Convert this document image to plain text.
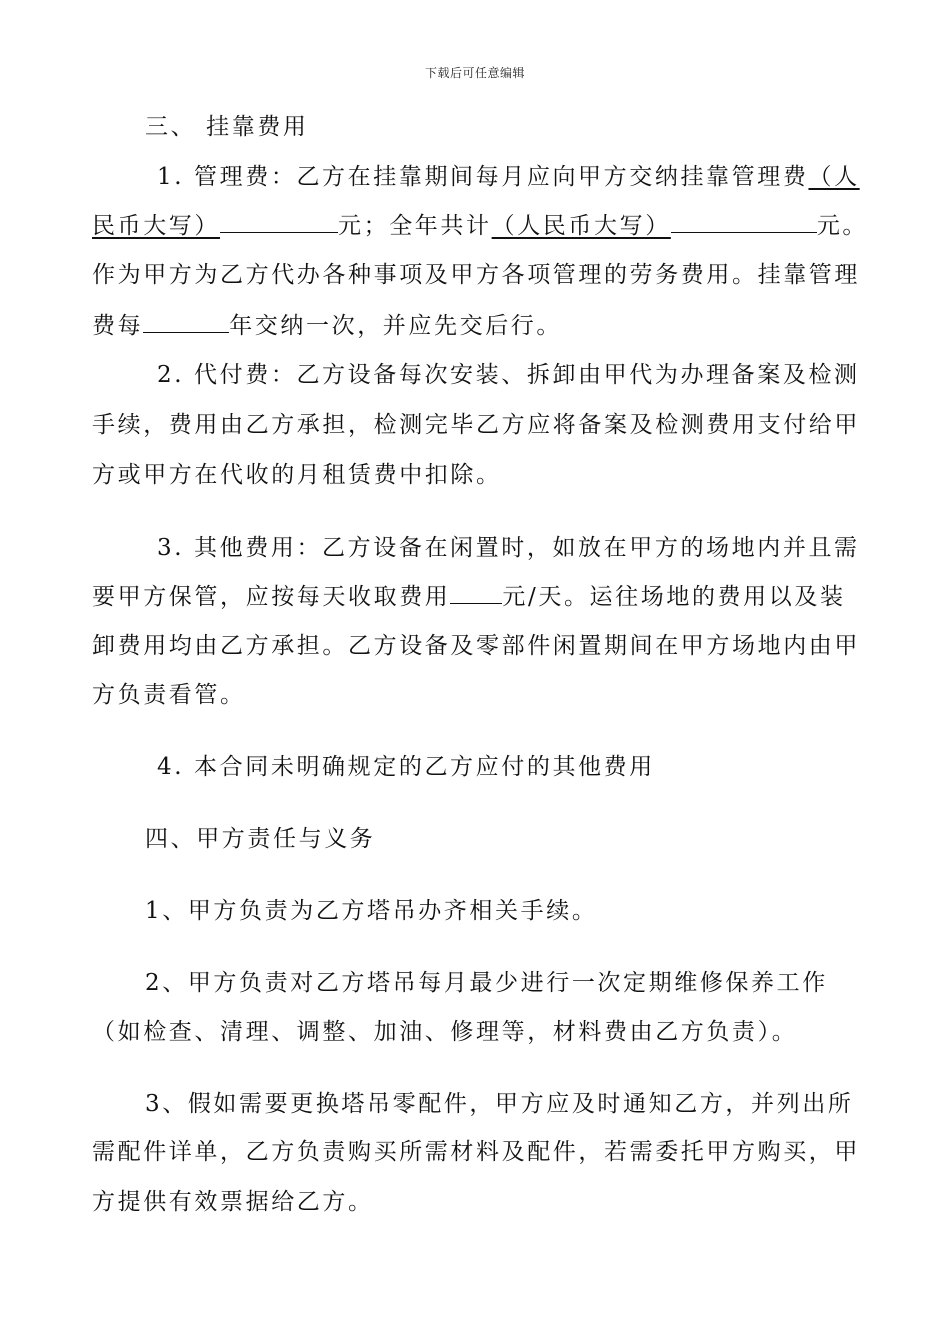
下载后可任意编辑
三、 挂靠费用
1. 管理费：乙方在挂靠期间每月应向甲方交纳挂靠管理费（人
民币大写）	元；全年共计（人民币大写）	元。
作为甲方为乙方代办各种事项及甲方各项管理的劳务费用。挂靠管理
费每	年交纳一次，并应先交后行。
2. 代付费：乙方设备每次安装、拆卸由甲代为办理备案及检测
手续，费用由乙方承担，检测完毕乙方应将备案及检测费用支付给甲
方或甲方在代收的月租赁费中扣除。
3. 其他费用：乙方设备在闲置时，如放在甲方的场地内并且需
要甲方保管，应按每天收取费用 元/天。运往场地的费用以及装
卸费用均由乙方承担。乙方设备及零部件闲置期间在甲方场地内由甲
方负责看管。
4. 本合同未明确规定的乙方应付的其他费用
四、甲方责任与义务
1、甲方负责为乙方塔吊办齐相关手续。
2、甲方负责对乙方塔吊每月最少进行一次定期维修保养工作
（如检查、清理、调整、加油、修理等，材料费由乙方负责）。
3、假如需要更换塔吊零配件，甲方应及时通知乙方，并列出所
需配件详单，乙方负责购买所需材料及配件，若需委托甲方购买，甲
方提供有效票据给乙方。
